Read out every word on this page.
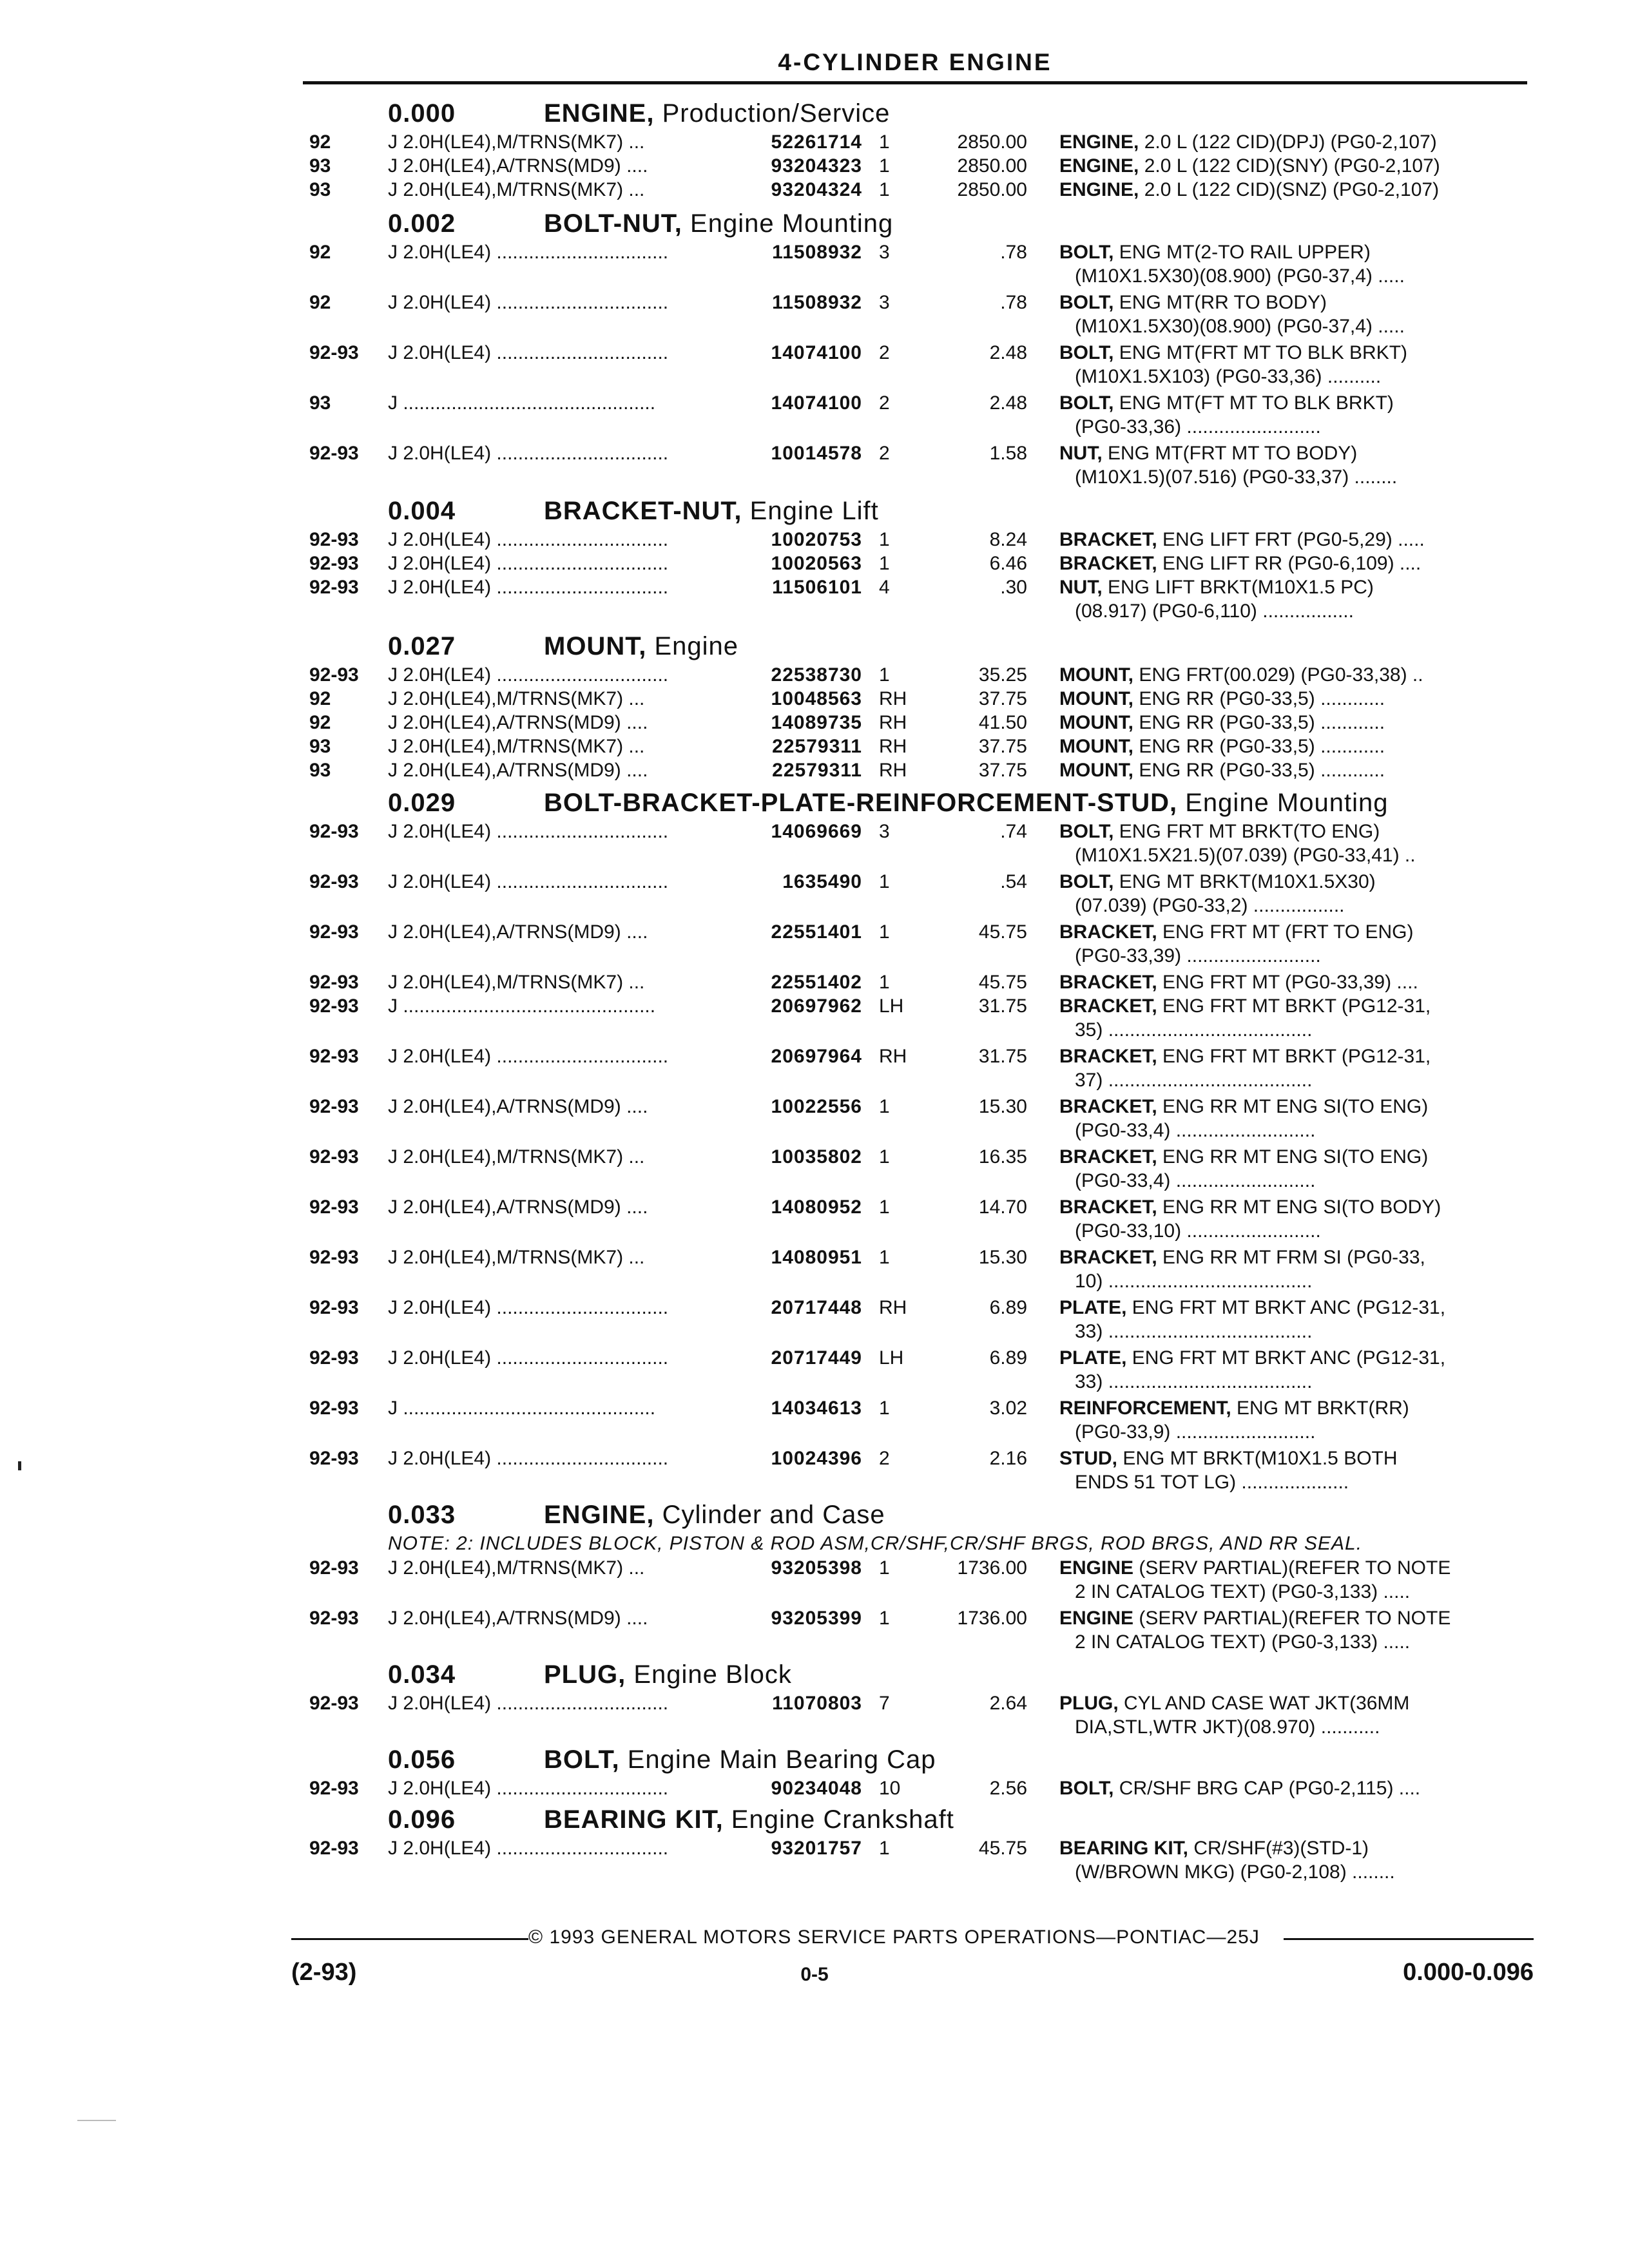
4-CYLINDER ENGINE
0.000	ENGINE, Production/Service
92	J 2.0H(LE4),M/TRNS(MK7) ...	52261714 1	2850.00 ENGINE, 2.0 L (122 CID)(DPJ) (PG0-2,107)
93	J 2.0H(LE4),A/TRNS(MD9) ....	93204323 1	2850.00 ENGINE, 2.0 L (122 CID)(SNY) (PG0-2,107)
93	J 2.0H(LE4),M/TRNS(MK7) ...	93204324 1	2850.00 ENGINE, 2.0 L (122 CID)(SNZ) (PG0-2,107)
0.002	BOLT-NUT, Engine Mounting
92	J 2.0H(LE4) ................................	11508932 3	.78 BOLT, ENG MT(2-TO RAIL UPPER)
(M10X1.5X30)(08.900) (PG0-37,4) .....
92	J 2.0H(LE4) ................................	11508932 3	.78 BOLT, ENG MT(RR TO BODY)
(M10X1.5X30)(08.900) (PG0-37,4) .....
92-93 J 2.0H(LE4) ................................	14074100 2	2.48 BOLT, ENG MT(FRT MT TO BLK BRKT)
(M10X1.5X103) (PG0-33,36) ..........
93	J ...............................................	14074100 2	2.48 BOLT, ENG MT(FT MT TO BLK BRKT)
(PG0-33,36) .........................
92-93 J 2.0H(LE4) ................................	10014578 2	1.58 NUT, ENG MT(FRT MT TO BODY)
(M10X1.5)(07.516) (PG0-33,37) ........
0.004	BRACKET-NUT, Engine Lift
92-93 J 2.0H(LE4) ................................	10020753 1	8.24 BRACKET, ENG LIFT FRT (PG0-5,29) .....
92-93 J 2.0H(LE4) ................................	10020563 1	6.46 BRACKET, ENG LIFT RR (PG0-6,109) ....
92-93 J 2.0H(LE4) ................................	11506101 4	.30 NUT, ENG LIFT BRKT(M10X1.5 PC)
(08.917) (PG0-6,110) .................
0.027	MOUNT, Engine
92-93 J 2.0H(LE4) ................................	22538730 1	35.25 MOUNT, ENG FRT(00.029) (PG0-33,38) ..
92	J 2.0H(LE4),M/TRNS(MK7) ...	10048563 RH	37.75 MOUNT, ENG RR (PG0-33,5) ............
92	J 2.0H(LE4),A/TRNS(MD9) ....	14089735 RH	41.50 MOUNT, ENG RR (PG0-33,5) ............
93	J 2.0H(LE4),M/TRNS(MK7) ...	22579311 RH	37.75 MOUNT, ENG RR (PG0-33,5) ............
93	J 2.0H(LE4),A/TRNS(MD9) ....	22579311 RH	37.75 MOUNT, ENG RR (PG0-33,5) ............
0.029	BOLT-BRACKET-PLATE-REINFORCEMENT-STUD, Engine Mounting
92-93 J 2.0H(LE4) ................................	14069669 3	.74 BOLT, ENG FRT MT BRKT(TO ENG)
(M10X1.5X21.5)(07.039) (PG0-33,41) ..
92-93 J 2.0H(LE4) ................................	1635490 1	.54 BOLT, ENG MT BRKT(M10X1.5X30)
(07.039) (PG0-33,2) .................
92-93 J 2.0H(LE4),A/TRNS(MD9) ....	22551401 1	45.75 BRACKET, ENG FRT MT (FRT TO ENG)
(PG0-33,39) .........................
92-93 J 2.0H(LE4),M/TRNS(MK7) ...	22551402 1	45.75 BRACKET, ENG FRT MT (PG0-33,39) ....
92-93 J ...............................................	20697962 LH	31.75 BRACKET, ENG FRT MT BRKT (PG12-31,
35) ......................................
92-93 J 2.0H(LE4) ................................	20697964 RH	31.75 BRACKET, ENG FRT MT BRKT (PG12-31,
37) ......................................
92-93 J 2.0H(LE4),A/TRNS(MD9) ....	10022556 1	15.30 BRACKET, ENG RR MT ENG SI(TO ENG)
(PG0-33,4) ..........................
92-93 J 2.0H(LE4),M/TRNS(MK7) ...	10035802 1	16.35 BRACKET, ENG RR MT ENG SI(TO ENG)
(PG0-33,4) ..........................
92-93 J 2.0H(LE4),A/TRNS(MD9) ....	14080952 1	14.70 BRACKET, ENG RR MT ENG SI(TO BODY)
(PG0-33,10) .........................
92-93 J 2.0H(LE4),M/TRNS(MK7) ...	14080951 1	15.30 BRACKET, ENG RR MT FRM SI (PG0-33,
10) ......................................
92-93 J 2.0H(LE4) ................................	20717448 RH	6.89 PLATE, ENG FRT MT BRKT ANC (PG12-31,
33) ......................................
92-93 J 2.0H(LE4) ................................	20717449 LH	6.89 PLATE, ENG FRT MT BRKT ANC (PG12-31,
33) ......................................
92-93 J ...............................................	14034613 1	3.02 REINFORCEMENT, ENG MT BRKT(RR)
(PG0-33,9) ..........................
92-93 J 2.0H(LE4) ................................	10024396 2	2.16 STUD, ENG MT BRKT(M10X1.5 BOTH
ENDS 51 TOT LG) ....................
0.033	ENGINE, Cylinder and Case
NOTE: 2: INCLUDES BLOCK, PISTON & ROD ASM,CR/SHF,CR/SHF BRGS, ROD BRGS, AND RR SEAL.
92-93 J 2.0H(LE4),M/TRNS(MK7) ...	93205398 1	1736.00 ENGINE (SERV PARTIAL)(REFER TO NOTE
2 IN CATALOG TEXT) (PG0-3,133) .....
92-93 J 2.0H(LE4),A/TRNS(MD9) ....	93205399 1	1736.00 ENGINE (SERV PARTIAL)(REFER TO NOTE
2 IN CATALOG TEXT) (PG0-3,133) .....
0.034	PLUG, Engine Block
92-93 J 2.0H(LE4) ................................	11070803 7	2.64 PLUG, CYL AND CASE WAT JKT(36MM
DIA,STL,WTR JKT)(08.970) ...........
0.056	BOLT, Engine Main Bearing Cap
92-93 J 2.0H(LE4) ................................	90234048 10	2.56 BOLT, CR/SHF BRG CAP (PG0-2,115) ....
0.096	BEARING KIT, Engine Crankshaft
92-93 J 2.0H(LE4) ................................	93201757 1	45.75 BEARING KIT, CR/SHF(#3)(STD-1)
(W/BROWN MKG) (PG0-2,108) ........
© 1993 GENERAL MOTORS SERVICE PARTS OPERATIONS—PONTIAC—25J
(2-93)	0-5	0.000-0.096
